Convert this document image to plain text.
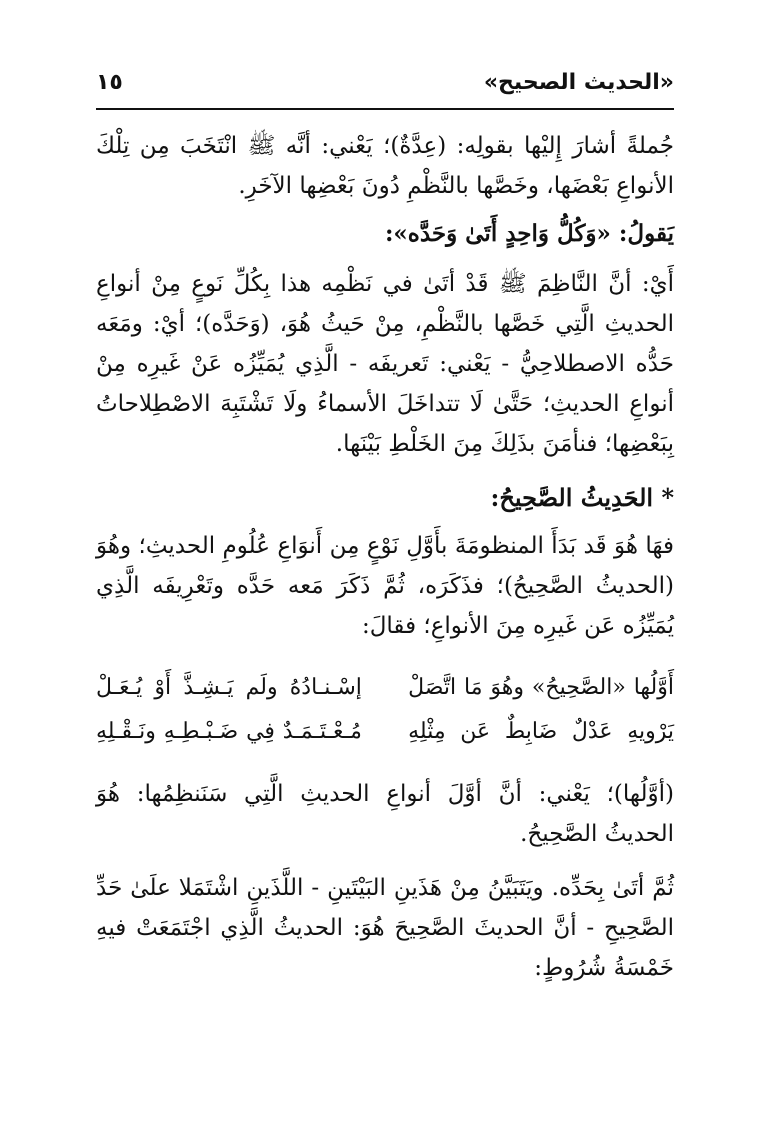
«الحديث الصحيح»
١٥

جُملةً أشارَ إِليْها بقولِه: (عِدَّةٌ)؛ يَعْني: أنَّه ﷺ انْتَخَبَ مِن تِلْكَ الأنواعِ بَعْضَها، وخَصَّها بالنَّظْمِ دُونَ بَعْضِها الآخَرِ.

يَقولُ: «وَكُلُّ وَاحِدٍ أَتَىٰ وَحَدَّه»:

أَيْ: أنَّ النَّاظِمَ ﷺ قَدْ أتَىٰ في نَظْمِه هذا بِكُلِّ نَوعٍ مِنْ أنواعِ الحديثِ الَّتِي خَصَّها بالنَّظْمِ، مِنْ حَيثُ هُوَ، (وَحَدَّه)؛ أيْ: ومَعَه حَدُّه الاصطلاحِيُّ - يَعْني: تَعريفَه - الَّذِي يُمَيِّزُه عَنْ غَيرِه مِنْ أنواعِ الحديثِ؛ حَتَّىٰ لَا تتداخَلَ الأسماءُ ولَا تَشْتَبِهَ الاصْطِلاحاتُ بِبَعْضِها؛ فنأمَنَ بذَلِكَ مِنَ الخَلْطِ بَيْنَها.

* الحَدِيثُ الصَّحِيحُ:

فهَا هُوَ قَد بَدَأَ المنظومَةَ بأَوَّلِ نَوْعٍ مِن أَنوَاعِ عُلُومِ الحديثِ؛ وهُوَ (الحديثُ الصَّحِيحُ)؛ فذَكَرَه، ثُمَّ ذَكَرَ مَعه حَدَّه وتَعْرِيفَه الَّذِي يُمَيِّزُه عَن غَيرِه مِنَ الأنواعِ؛ فقالَ:

أَوَّلُها «الصَّحِيحُ» وهُوَ مَا اتَّصَلْ
إسْـنـادُهُ ولَم يَـشِـذَّ أَوْ يُـعَـلْ
يَرْويهِ عَدْلٌ ضَابِطٌ عَن مِثْلِهِ
مُـعْـتَـمَـدٌ فِي ضَـبْـطِـهِ ونَـقْـلِهِ

(أوَّلُها)؛ يَعْني: أنَّ أوَّلَ أنواعِ الحديثِ الَّتِي سَنَنظِمُها: هُوَ الحديثُ الصَّحِيحُ.

ثُمَّ أتَىٰ بِحَدِّه. ويَتَبَيَّنُ مِنْ هَذَينِ البَيْتَينِ - اللَّذَينِ اشْتَمَلا علَىٰ حَدِّ الصَّحِيحِ - أنَّ الحديثَ الصَّحِيحَ هُوَ: الحديثُ الَّذِي اجْتَمَعَتْ فيهِ خَمْسَةُ شُرُوطٍ:
